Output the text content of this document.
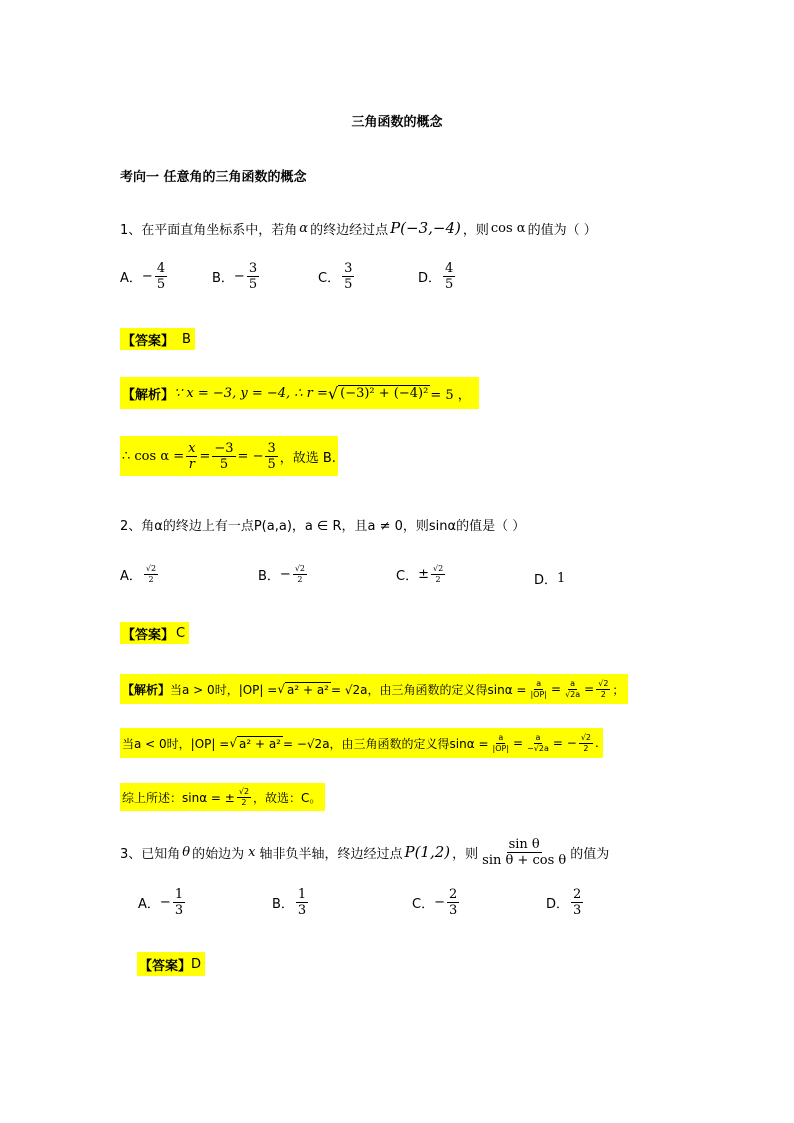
三角函数的概念
考向一 任意角的三角函数的概念
1、在平面直角坐标系中，若角 α 的终边经过点 P(−3,−4) ，则 cos α 的值为（ ）
A． − $\frac{4}{5}$	B． − $\frac{3}{5}$	C． $\frac{3}{5}$	D． $\frac{4}{5}$
【答案】 B
【解析】 ∵ x = −3, y = −4, ∴ r = √ (−3)² + (−4)² = 5 ，
∴ $\cos \alpha = \frac{x}{r} = \frac{-3}{5}$ = − $\frac{3}{5}$ ，故选 B.
2、角α的终边上有一点P(a,a)，a ∈ R，且a ≠ 0，则sinα的值是（ ）
A． $\frac{√2}{2}$	B． − $\frac{√2}{2}$	C． ± $\frac{√2}{2}$	D． 1
【答案】 C
【解析】 当a > 0时，|OP| = √ a² + a² = √2a，由三角函数的定义得$\sin\alpha = \frac{a}{|OP|} = \frac{a}{√2a} = \frac{√2}{2}$ ；
当a < 0时，|OP| = √ a² + a² = −√2a，由三角函数的定义得$\sin\alpha = \frac{a}{|OP|} = \frac{a}{-√2a}$ = − $\frac{√2}{2}$ .
综上所述：sinα = ± $\frac{√2}{2}$ ，故选：C。
3、已知角 θ 的始边为 x 轴非负半轴，终边经过点 P(1,2) ，则 $\frac{\text{sin θ}}{\text{sin θ + cos θ}}$ 的值为
A． − $\frac{1}{3}$	B． $\frac{1}{3}$	C． − $\frac{2}{3}$	D． $\frac{2}{3}$
【答案】 D
